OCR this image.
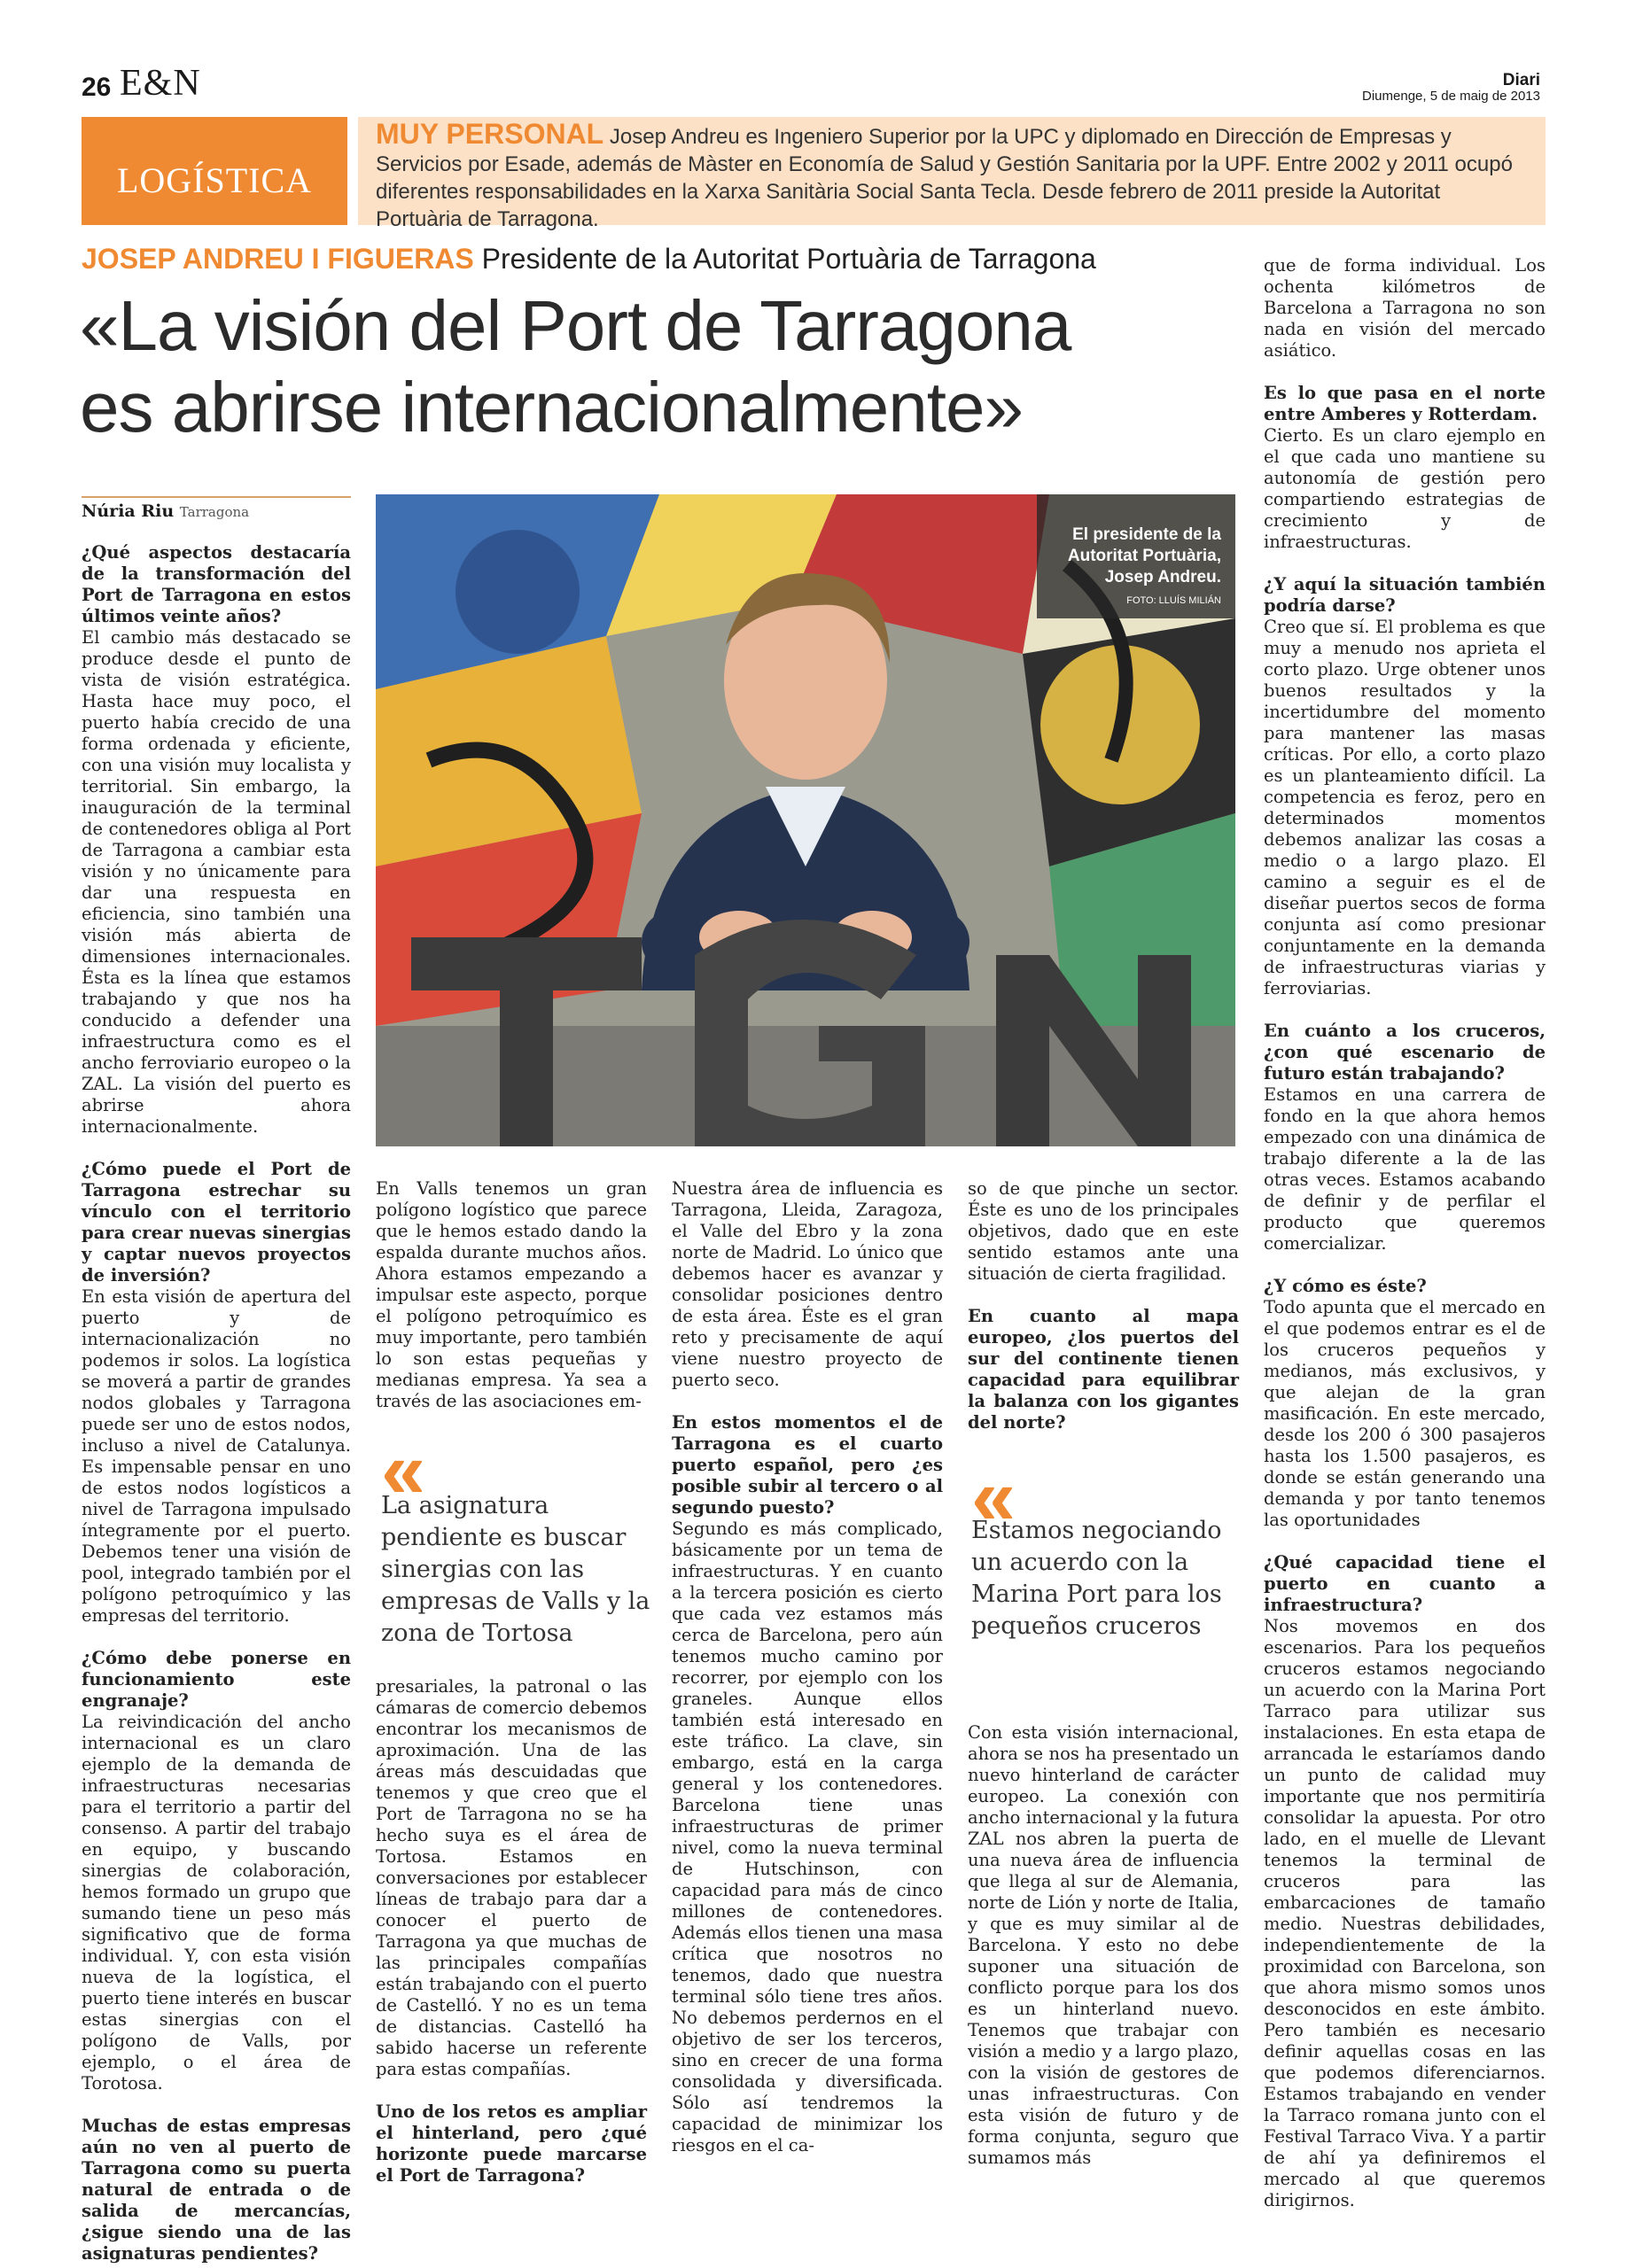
26 E&N	Diari
Diumenge, 5 de maig de 2013
LOGÍSTICA
MUY PERSONAL Josep Andreu es Ingeniero Superior por la UPC y diplomado en Dirección de Empresas y Servicios por Esade, además de Màster en Economía de Salud y Gestión Sanitaria por la UPF. Entre 2002 y 2011 ocupó diferentes responsabilidades en la Xarxa Sanitària Social Santa Tecla. Desde febrero de 2011 preside la Autoritat Portuària de Tarragona.
JOSEP ANDREU I FIGUERAS Presidente de la Autoritat Portuària de Tarragona
«La visión del Port de Tarragona
es abrirse internacionalmente»
Núria Riu Tarragona
El presidente de la Autoritat Portuària, Josep Andreu.
FOTO: LLUÍS MILIÁN

¿Qué aspectos destacaría de la transformación del Port de Tarragona en estos últimos veinte años?

El cambio más destacado se produce desde el punto de vista de visión estratégica. Hasta hace muy poco, el puerto había crecido de una forma ordenada y eficiente, con una visión muy localista y territorial. Sin embargo, la inauguración de la terminal de contenedores obliga al Port de Tarragona a cambiar esta visión y no únicamente para dar una respuesta en eficiencia, sino también una visión más abierta de dimensiones internacionales. Ésta es la línea que estamos trabajando y que nos ha conducido a defender una infraestructura como es el ancho ferroviario europeo o la ZAL. La visión del puerto es abrirse ahora internacionalmente.

¿Cómo puede el Port de Tarragona estrechar su vínculo con el territorio para crear nuevas sinergias y captar nuevos proyectos de inversión?

En esta visión de apertura del puerto y de internacionalización no podemos ir solos. La logística se moverá a partir de grandes nodos globales y Tarragona puede ser uno de estos nodos, incluso a nivel de Catalunya. Es impensable pensar en uno de estos nodos logísticos a nivel de Tarragona impulsado íntegramente por el puerto. Debemos tener una visión de pool, integrado también por el polígono petroquímico y las empresas del territorio.

¿Cómo debe ponerse en funcionamiento este engranaje?

La reivindicación del ancho internacional es un claro ejemplo de la demanda de infraestructuras necesarias para el territorio a partir del consenso. A partir del trabajo en equipo, y buscando sinergias de colaboración, hemos formado un grupo que sumando tiene un peso más significativo que de forma individual. Y, con esta visión nueva de la logística, el puerto tiene interés en buscar estas sinergias con el polígono de Valls, por ejemplo, o el área de Torotosa.

Muchas de estas empresas aún no ven al puerto de Tarragona como su puerta natural de entrada o de salida de mercancías, ¿sigue siendo una de las asignaturas pendientes?

En Valls tenemos un gran polígono logístico que parece que le hemos estado dando la espalda durante muchos años. Ahora estamos empezando a impulsar este aspecto, porque el polígono petroquímico es muy importante, pero también lo son estas pequeñas y medianas empresa. Ya sea a través de las asociaciones em-

«
La asignatura pendiente es buscar sinergias con las empresas de Valls y la zona de Tortosa

presariales, la patronal o las cámaras de comercio debemos encontrar los mecanismos de aproximación. Una de las áreas más descuidadas que tenemos y que creo que el Port de Tarragona no se ha hecho suya es el área de Tortosa. Estamos en conversaciones por establecer líneas de trabajo para dar a conocer el puerto de Tarragona ya que muchas de las principales compañías están trabajando con el puerto de Castelló. Y no es un tema de distancias. Castelló ha sabido hacerse un referente para estas compañías.

Uno de los retos es ampliar el hinterland, pero ¿qué horizonte puede marcarse el Port de Tarragona?

Nuestra área de influencia es Tarragona, Lleida, Zaragoza, el Valle del Ebro y la zona norte de Madrid. Lo único que debemos hacer es avanzar y consolidar posiciones dentro de esta área. Éste es el gran reto y precisamente de aquí viene nuestro proyecto de puerto seco.

En estos momentos el de Tarragona es el cuarto puerto español, pero ¿es posible subir al tercero o al segundo puesto?

Segundo es más complicado, básicamente por un tema de infraestructuras. Y en cuanto a la tercera posición es cierto que cada vez estamos más cerca de Barcelona, pero aún tenemos mucho camino por recorrer, por ejemplo con los graneles. Aunque ellos también está interesado en este tráfico. La clave, sin embargo, está en la carga general y los contenedores. Barcelona tiene unas infraestructuras de primer nivel, como la nueva terminal de Hutschinson, con capacidad para más de cinco millones de contenedores. Además ellos tienen una masa crítica que nosotros no tenemos, dado que nuestra terminal sólo tiene tres años. No debemos perdernos en el objetivo de ser los terceros, sino en crecer de una forma consolidada y diversificada. Sólo así tendremos la capacidad de minimizar los riesgos en el ca-

so de que pinche un sector. Éste es uno de los principales objetivos, dado que en este sentido estamos ante una situación de cierta fragilidad.

En cuanto al mapa europeo, ¿los puertos del sur del continente tienen capacidad para equilibrar la balanza con los gigantes del norte?

«
Estamos negociando un acuerdo con la Marina Port para los pequeños cruceros

Con esta visión internacional, ahora se nos ha presentado un nuevo hinterland de carácter europeo. La conexión con ancho internacional y la futura ZAL nos abren la puerta de una nueva área de influencia que llega al sur de Alemania, norte de Lión y norte de Italia, y que es muy similar al de Barcelona. Y esto no debe suponer una situación de conflicto porque para los dos es un hinterland nuevo. Tenemos que trabajar con visión a medio y a largo plazo, con la visión de gestores de unas infraestructuras. Con esta visión de futuro y de forma conjunta, seguro que sumamos más

que de forma individual. Los ochenta kilómetros de Barcelona a Tarragona no son nada en visión del mercado asiático.

Es lo que pasa en el norte entre Amberes y Rotterdam.

Cierto. Es un claro ejemplo en el que cada uno mantiene su autonomía de gestión pero compartiendo estrategias de crecimiento y de infraestructuras.

¿Y aquí la situación también podría darse?

Creo que sí. El problema es que muy a menudo nos aprieta el corto plazo. Urge obtener unos buenos resultados y la incertidumbre del momento para mantener las masas críticas. Por ello, a corto plazo es un planteamiento difícil. La competencia es feroz, pero en determinados momentos debemos analizar las cosas a medio o a largo plazo. El camino a seguir es el de diseñar puertos secos de forma conjunta así como presionar conjuntamente en la demanda de infraestructuras viarias y ferroviarias.

En cuánto a los cruceros, ¿con qué escenario de futuro están trabajando?

Estamos en una carrera de fondo en la que ahora hemos empezado con una dinámica de trabajo diferente a la de las otras veces. Estamos acabando de definir y de perfilar el producto que queremos comercializar.

¿Y cómo es éste?

Todo apunta que el mercado en el que podemos entrar es el de los cruceros pequeños y medianos, más exclusivos, y que alejan de la gran masificación. En este mercado, desde los 200 ó 300 pasajeros hasta los 1.500 pasajeros, es donde se están generando una demanda y por tanto tenemos las oportunidades

¿Qué capacidad tiene el puerto en cuanto a infraestructura?

Nos movemos en dos escenarios. Para los pequeños cruceros estamos negociando un acuerdo con la Marina Port Tarraco para utilizar sus instalaciones. En esta etapa de arrancada le estaríamos dando un punto de calidad muy importante que nos permitiría consolidar la apuesta. Por otro lado, en el muelle de Llevant tenemos la terminal de cruceros para las embarcaciones de tamaño medio. Nuestras debilidades, independientemente de la proximidad con Barcelona, son que ahora mismo somos unos desconocidos en este ámbito. Pero también es necesario definir aquellas cosas en las que podemos diferenciarnos. Estamos trabajando en vender la Tarraco romana junto con el Festival Tarraco Viva. Y a partir de ahí ya definiremos el mercado al que queremos dirigirnos.
